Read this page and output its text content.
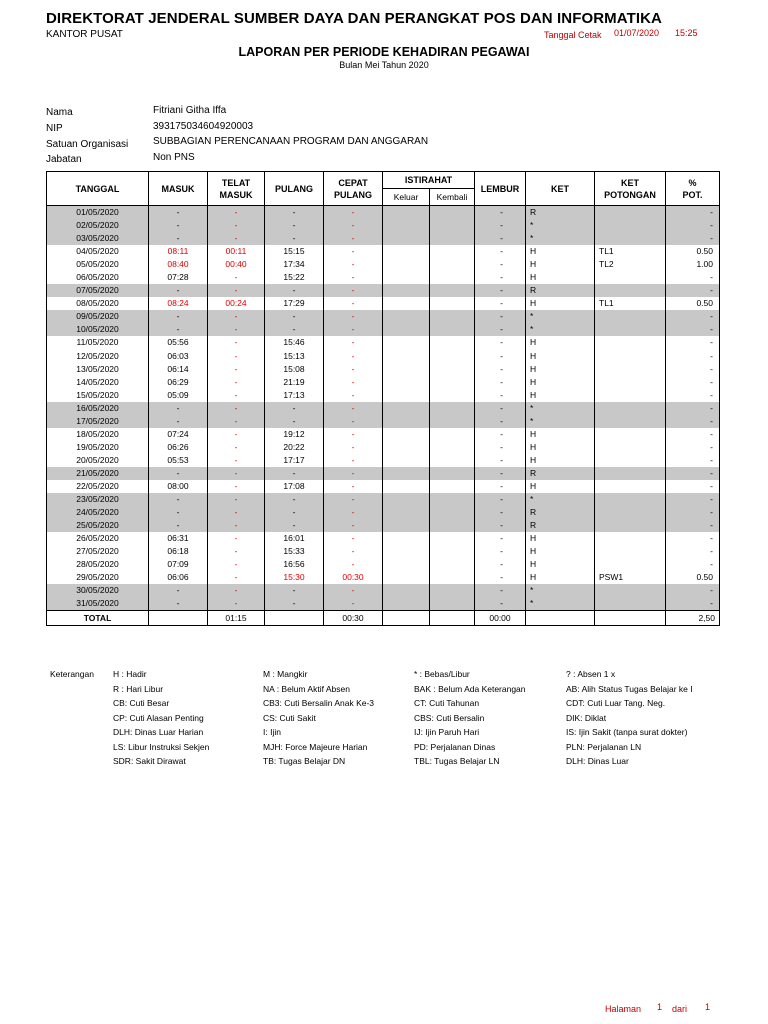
DIREKTORAT JENDERAL SUMBER DAYA DAN PERANGKAT POS DAN INFORMATIKA
KANTOR PUSAT	Tanggal Cetak 01/07/2020 15:25
LAPORAN PER PERIODE KEHADIRAN PEGAWAI
Bulan Mei Tahun 2020
Nama	Fitriani Githa Iffa
NIP	393175034604920003
Satuan Organisasi SUBBAGIAN PERENCANAAN PROGRAM DAN ANGGARAN
Jabatan	Non PNS
TANGGAL	MASUK	TELAT MASUK	PULANG	CEPAT PULANG	ISTIRAHAT		LEMBUR	KET	KET POTONGAN	%
POT.
					Keluar	Kembali				
01/05/2020	-	-	-	-			-	R		-
02/05/2020	-	-	-	-			-	*		-
03/05/2020	-	-	-	-			-	*		-
04/05/2020	08:11	00:11	15:15	-			-	H	TL1	0.50
05/05/2020	08:40	00:40	17:34	-			-	H	TL2	1.00
06/05/2020	07:28	-	15:22	-			-	H		-
07/05/2020	-	-	-	-			-	R		-
08/05/2020	08:24	00:24	17:29	-			-	H	TL1	0.50
09/05/2020	-	-	-	-			-	*		-
10/05/2020	-	-	-	-			-	*		-
11/05/2020	05:56	-	15:46	-			-	H		-
12/05/2020	06:03	-	15:13	-			-	H		-
13/05/2020	06:14	-	15:08	-			-	H		-
14/05/2020	06:29	-	21:19	-			-	H		-
15/05/2020	05:09	-	17:13	-			-	H		-
16/05/2020	-	-	-	-			-	*		-
17/05/2020	-	-	-	-			-	*		-
18/05/2020	07:24	-	19:12	-			-	H		-
19/05/2020	06:26	-	20:22	-			-	H		-
20/05/2020	05:53	-	17:17	-			-	H		-
21/05/2020	-	-	-	-			-	R		-
22/05/2020	08:00	-	17:08	-			-	H		-
23/05/2020	-	-	-	-			-	*		-
24/05/2020	-	-	-	-			-	R		-
25/05/2020	-	-	-	-			-	R		-
26/05/2020	06:31	-	16:01	-			-	H		-
27/05/2020	06:18	-	15:33	-			-	H		-
28/05/2020	07:09	-	16:56	-			-	H		-
29/05/2020	06:06	-	15:30	00:30			-	H	PSW1	0.50
30/05/2020	-	-	-	-			-	*		-
31/05/2020	-	-	-	-			-	*		-
TOTAL		01:15		00:30			00:00			2,50
Keterangan H : Hadir	M : Mangkir	* : Bebas/Libur	? : Absen 1 x
R : Hari Libur	NA : Belum Aktif Absen	BAK : Belum Ada Keterangan	AB: Alih Status Tugas Belajar ke I
CB: Cuti Besar	CB3: Cuti Bersalin Anak Ke-3	CT: Cuti Tahunan	CDT: Cuti Luar Tang. Neg.
CP: Cuti Alasan Penting	CS: Cuti Sakit	CBS: Cuti Bersalin	DIK: Diklat
DLH: Dinas Luar Harian	I: Ijin	IJ: Ijin Paruh Hari	IS: Ijin Sakit (tanpa surat dokter)
LS: Libur Instruksi Sekjen	MJH: Force Majeure Harian	PD: Perjalanan Dinas	PLN: Perjalanan LN
SDR: Sakit Dirawat	TB: Tugas Belajar DN	TBL: Tugas Belajar LN	DLH: Dinas Luar
Halaman 1 dari 1
